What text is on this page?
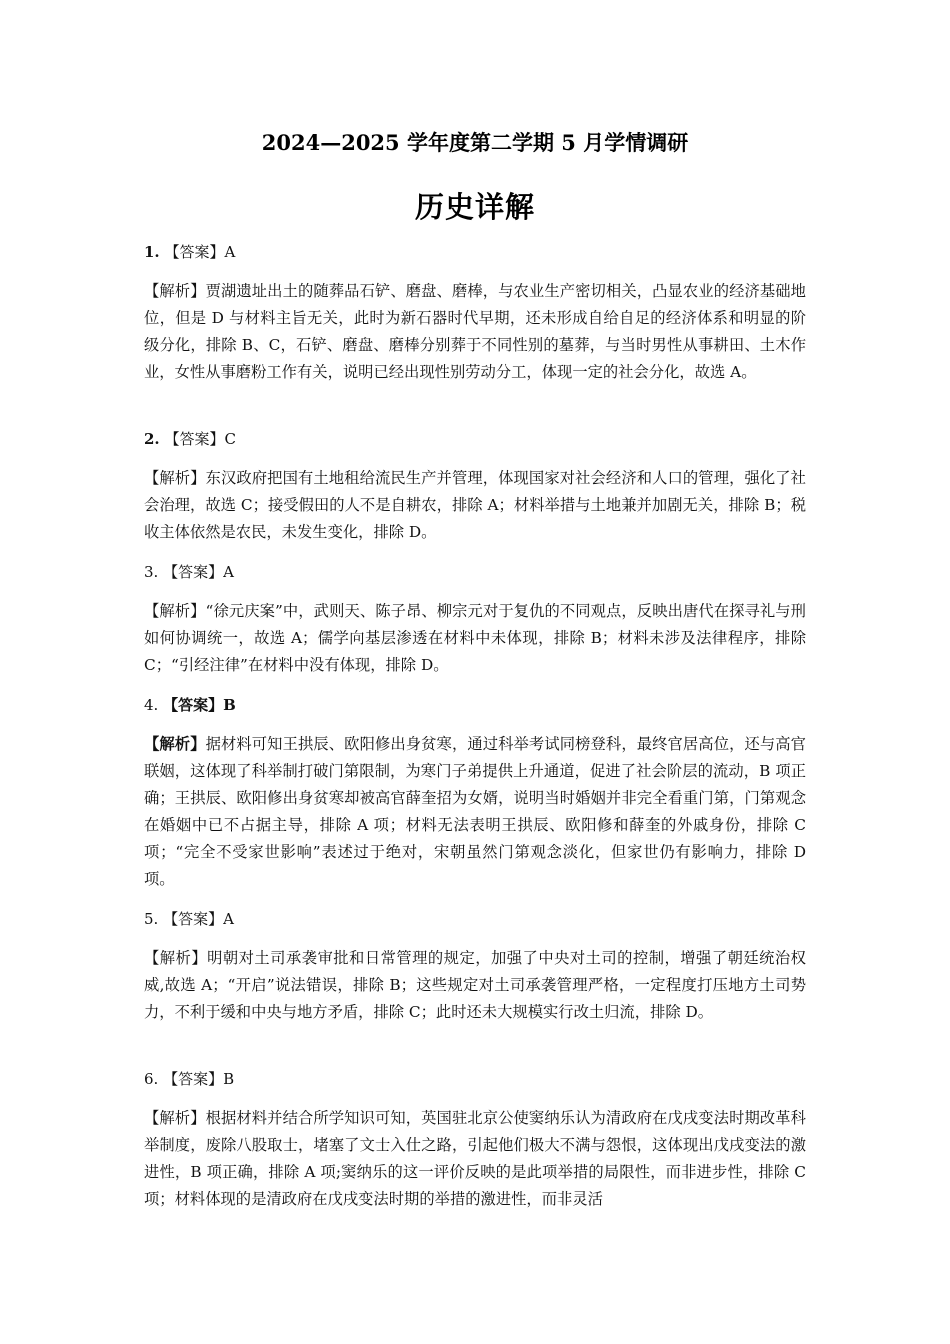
2024—2025 学年度第二学期 5 月学情调研
历史详解
1. 【答案】A
【解析】贾湖遗址出土的随葬品石铲、磨盘、磨棒，与农业生产密切相关，凸显农业的经济基础地位，但是 D 与材料主旨无关，此时为新石器时代早期，还未形成自给自足的经济体系和明显的阶级分化，排除 B、C，石铲、磨盘、磨棒分别葬于不同性别的墓葬，与当时男性从事耕田、土木作业，女性从事磨粉工作有关，说明已经出现性别劳动分工，体现一定的社会分化，故选 A。
2. 【答案】C
【解析】东汉政府把国有土地租给流民生产并管理，体现国家对社会经济和人口的管理，强化了社会治理，故选 C；接受假田的人不是自耕农，排除 A；材料举措与土地兼并加剧无关，排除 B；税收主体依然是农民，未发生变化，排除 D。
3. 【答案】A
【解析】“徐元庆案”中，武则天、陈子昂、柳宗元对于复仇的不同观点，反映出唐代在探寻礼与刑如何协调统一，故选 A；儒学向基层渗透在材料中未体现，排除 B；材料未涉及法律程序，排除 C；“引经注律”在材料中没有体现，排除 D。
4. 【答案】B
【解析】据材料可知王拱辰、欧阳修出身贫寒，通过科举考试同榜登科，最终官居高位，还与高官联姻，这体现了科举制打破门第限制，为寒门子弟提供上升通道，促进了社会阶层的流动，B 项正确；王拱辰、欧阳修出身贫寒却被高官薛奎招为女婿，说明当时婚姻并非完全看重门第，门第观念在婚姻中已不占据主导，排除 A 项；材料无法表明王拱辰、欧阳修和薛奎的外戚身份，排除 C 项；“完全不受家世影响”表述过于绝对，宋朝虽然门第观念淡化，但家世仍有影响力，排除 D 项。
5. 【答案】A
【解析】明朝对土司承袭审批和日常管理的规定，加强了中央对土司的控制，增强了朝廷统治权威,故选 A；“开启”说法错误，排除 B；这些规定对土司承袭管理严格，一定程度打压地方土司势力，不利于缓和中央与地方矛盾，排除 C；此时还未大规模实行改土归流，排除 D。
6. 【答案】B
【解析】根据材料并结合所学知识可知，英国驻北京公使窦纳乐认为清政府在戊戌变法时期改革科举制度，废除八股取士，堵塞了文士入仕之路，引起他们极大不满与怨恨，这体现出戊戌变法的激进性，B 项正确，排除 A 项;窦纳乐的这一评价反映的是此项举措的局限性，而非进步性，排除 C 项；材料体现的是清政府在戊戌变法时期的举措的激进性，而非灵活
